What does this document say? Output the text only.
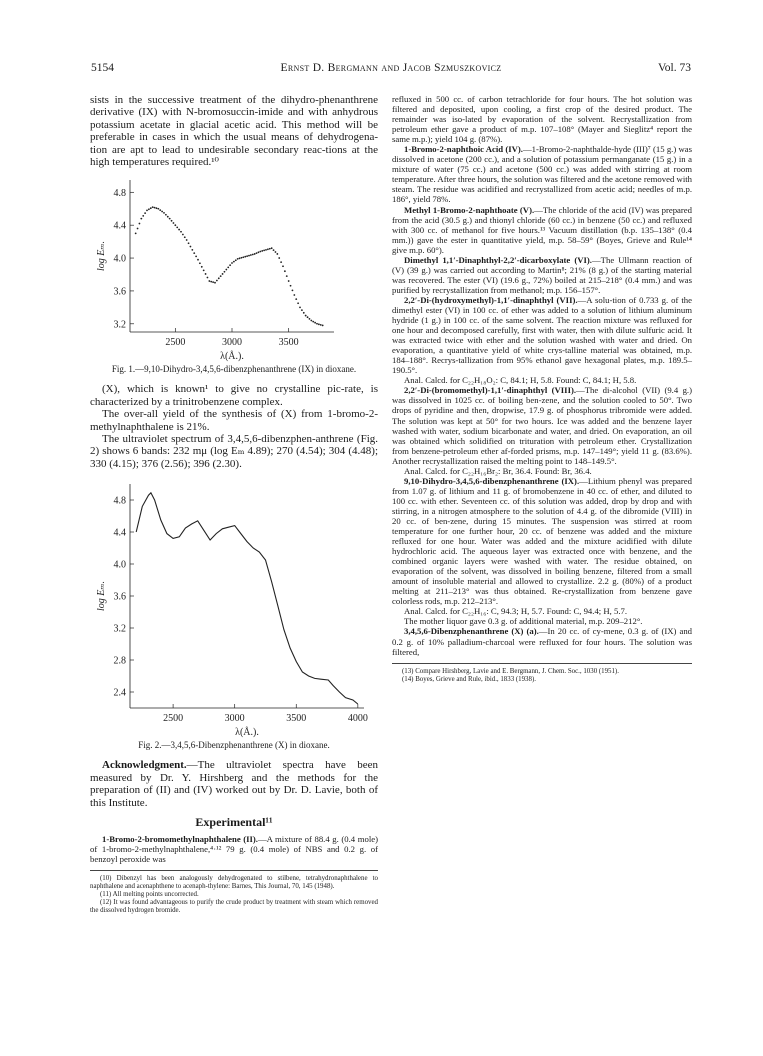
5154	Ernst D. Bergmann and Jacob Szmuszkovicz	Vol. 73

sists in the successive treatment of the dihydro-phenanthrene derivative (IX) with N-bromosuccin-imide and with anhydrous potassium acetate in glacial acetic acid. This method will be preferable in cases in which the usual means of dehydrogena-tion are apt to lead to undesirable secondary reac-tions at the high temperatures required.¹⁰

4.8
4.4
4.0
3.6
3.2
2500	3000	3500
λ(Å.).
log Eₘ.

Fig. 1.—9,10-Dihydro-3,4,5,6-dibenzphenanthrene (IX) in dioxane.

(X), which is known¹ to give no crystalline pic-rate, is characterized by a trinitrobenzene complex.

The over-all yield of the synthesis of (X) from 1-bromo-2-methylnaphthalene is 21%.

The ultraviolet spectrum of 3,4,5,6-dibenzphen-anthrene (Fig. 2) shows 6 bands: 232 mμ (log Eₘ 4.89); 270 (4.54); 304 (4.48); 330 (4.15); 376 (2.56); 396 (2.30).

4.8
4.4
4.0
3.6
3.2
2.8
2.4
2500	3000	3500	4000
λ(Å.).
log Eₘ.

Fig. 2.—3,4,5,6-Dibenzphenanthrene (X) in dioxane.

Acknowledgment.—The ultraviolet spectra have been measured by Dr. Y. Hirshberg and the methods for the preparation of (II) and (IV) worked out by Dr. D. Lavie, both of this Institute.

Experimental¹¹

1-Bromo-2-bromomethylnaphthalene (II).—A mixture of 88.4 g. (0.4 mole) of 1-bromo-2-methylnaphthalene,⁴·¹² 79 g. (0.4 mole) of NBS and 0.2 g. of benzoyl peroxide was

(10) Dibenzyl has been analogously dehydrogenated to stilbene, tetrahydronaphthalene to naphthalene and acenaphthene to acenaph-thylene: Barnes, This Journal, 70, 145 (1948).

(11) All melting points uncorrected.

(12) It was found advantageous to purify the crude product by treatment with steam which removed the dissolved hydrogen bromide.

refluxed in 500 cc. of carbon tetrachloride for four hours. The hot solution was filtered and deposited, upon cooling, a first crop of the desired product. The remainder was iso-lated by evaporation of the solvent. Recrystallization from petroleum ether gave a product of m.p. 107–108° (Mayer and Sieglitz⁴ report the same m.p.); yield 104 g. (87%).

1-Bromo-2-naphthoic Acid (IV).—1-Bromo-2-naphthalde-hyde (III)⁷ (15 g.) was dissolved in acetone (200 cc.), and a solution of potassium permanganate (15 g.) in a mixture of water (75 cc.) and acetone (500 cc.) was added with stirring at room temperature. After three hours, the solution was filtered and the acetone removed with steam. The residue was acidified and recrystallized from acetic acid; needles of m.p. 186°, yield 78%.

Methyl 1-Bromo-2-naphthoate (V).—The chloride of the acid (IV) was prepared from the acid (30.5 g.) and thionyl chloride (60 cc.) in benzene (50 cc.) and refluxed with 300 cc. of methanol for five hours.¹³ Vacuum distillation (b.p. 135–138° (0.4 mm.)) gave the ester in quantitative yield, m.p. 58–59° (Boyes, Grieve and Rule¹⁴ give m.p. 60°).

Dimethyl 1,1′-Dinaphthyl-2,2′-dicarboxylate (VI).—The Ullmann reaction of (V) (39 g.) was carried out according to Martin⁸; 21% (8 g.) of the starting material was recovered. The ester (VI) (19.6 g., 72%) boiled at 215–218° (0.4 mm.) and was purified by recrystallization from methanol; m.p. 156–157°.

2,2′-Di-(hydroxymethyl)-1,1′-dinaphthyl (VII).—A solu-tion of 0.733 g. of the dimethyl ester (VI) in 100 cc. of ether was added to a solution of lithium aluminum hydride (1 g.) in 100 cc. of the same solvent. The reaction mixture was refluxed for one hour and decomposed carefully, first with water, then with dilute sulfuric acid. It was extracted twice with ether and the solution washed with water and dried. On evaporation, a quantitative yield of white crys-talline material was obtained, m.p. 184–188°. Recrys-tallization from 95% ethanol gave hexagonal plates, m.p. 189.5–190.5°.

Anal. Calcd. for C₂₂H₁₈O₂: C, 84.1; H, 5.8. Found: C, 84.1; H, 5.8.

2,2′-Di-(bromomethyl)-1,1′-dinaphthyl (VIII).—The di-alcohol (VII) (9.4 g.) was dissolved in 1025 cc. of boiling ben-zene, and the solution cooled to 50°. Two drops of pyridine and then, dropwise, 17.9 g. of phosphorus tribromide were added. The solution was kept at 50° for two hours. Ice was added and the benzene layer washed with water, sodium bicarbonate and water, and dried. On evaporation, an oil was obtained which solidified on trituration with petroleum ether. Crystallization from benzene-petroleum ether af-forded prisms, m.p. 147–149°; yield 11 g. (83.6%). Another recrystallization raised the melting point to 148–149.5°.

Anal. Calcd. for C₂₂H₁₆Br₂: Br, 36.4. Found: Br, 36.4.

9,10-Dihydro-3,4,5,6-dibenzphenanthrene (IX).—Lithium phenyl was prepared from 1.07 g. of lithium and 11 g. of bromobenzene in 40 cc. of ether, and diluted to 100 cc. with ether. Seventeen cc. of this solution was added, drop by drop and with stirring, in a nitrogen atmosphere to the solution of 4.4 g. of the dibromide (VIII) in 20 cc. of ben-zene, during 15 minutes. The suspension was stirred at room temperature for one further hour, 20 cc. of benzene was added and the mixture refluxed for one hour. Water was added and the mixture acidified with dilute hydrochloric acid. The aqueous layer was extracted once with benzene, and the combined organic layers were washed with water. The residue obtained, on evaporation of the solvent, was dissolved in boiling benzene, filtered from a small amount of insoluble material and allowed to crystallize. 2.2 g. (80%) of a product melting at 211–213° was thus obtained. Re-crystallization from benzene gave colorless rods, m.p. 212–213°.

Anal. Calcd. for C₂₂H₁₆: C, 94.3; H, 5.7. Found: C, 94.4; H, 5.7.

The mother liquor gave 0.3 g. of additional material, m.p. 209–212°.

3,4,5,6-Dibenzphenanthrene (X) (a).—In 20 cc. of cy-mene, 0.3 g. of (IX) and 0.2 g. of 10% palladium-charcoal were refluxed for four hours. The solution was filtered,

(13) Compare Hirshberg, Lavie and E. Bergmann, J. Chem. Soc., 1030 (1951).

(14) Boyes, Grieve and Rule, ibid., 1833 (1938).
